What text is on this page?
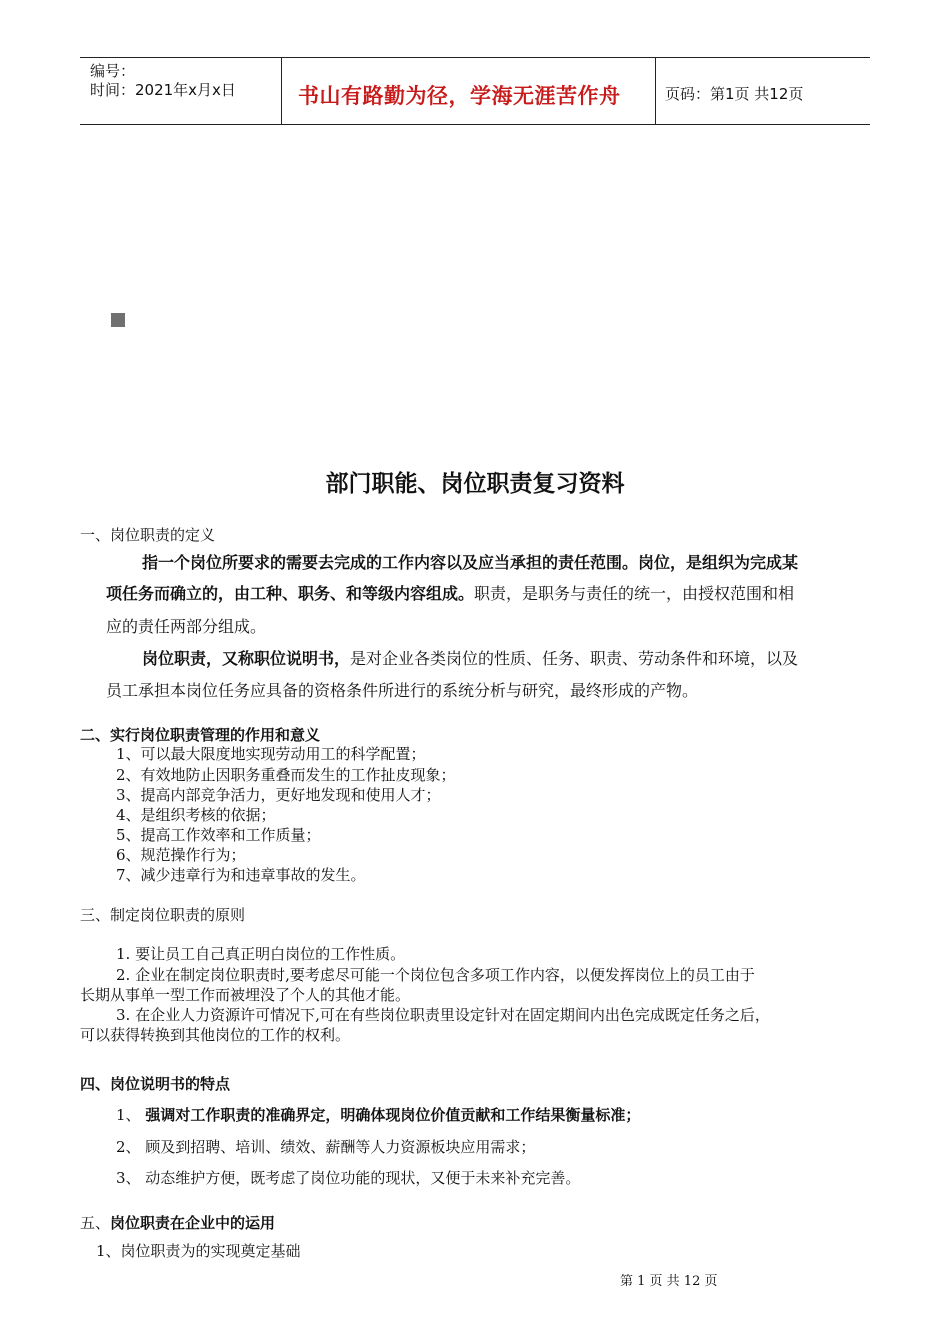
编号：
时间：2021年x月x日	书山有路勤为径，学海无涯苦作舟	页码：第1页 共12页
部门职能、岗位职责复习资料
一、岗位职责的定义
指一个岗位所要求的需要去完成的工作内容以及应当承担的责任范围。岗位，是组织为完成某
项任务而确立的，由工种、职务、和等级内容组成。职责，是职务与责任的统一，由授权范围和相
应的责任两部分组成。
岗位职责，又称职位说明书，是对企业各类岗位的性质、任务、职责、劳动条件和环境，以及
员工承担本岗位任务应具备的资格条件所进行的系统分析与研究，最终形成的产物。
二、实行岗位职责管理的作用和意义
1、可以最大限度地实现劳动用工的科学配置；
2、有效地防止因职务重叠而发生的工作扯皮现象；
3、提高内部竞争活力，更好地发现和使用人才；
4、是组织考核的依据；
5、提高工作效率和工作质量；
6、规范操作行为；
7、减少违章行为和违章事故的发生。
三、制定岗位职责的原则
1. 要让员工自己真正明白岗位的工作性质。
2. 企业在制定岗位职责时,要考虑尽可能一个岗位包含多项工作内容，以便发挥岗位上的员工由于
长期从事单一型工作而被埋没了个人的其他才能。
3. 在企业人力资源许可情况下,可在有些岗位职责里设定针对在固定期间内出色完成既定任务之后，
可以获得转换到其他岗位的工作的权利。
四、岗位说明书的特点
1、 强调对工作职责的准确界定，明确体现岗位价值贡献和工作结果衡量标准；
2、 顾及到招聘、培训、绩效、薪酬等人力资源板块应用需求；
3、 动态维护方便，既考虑了岗位功能的现状，又便于未来补充完善。
五、岗位职责在企业中的运用
1、岗位职责为的实现奠定基础
第 1 页 共 12 页
